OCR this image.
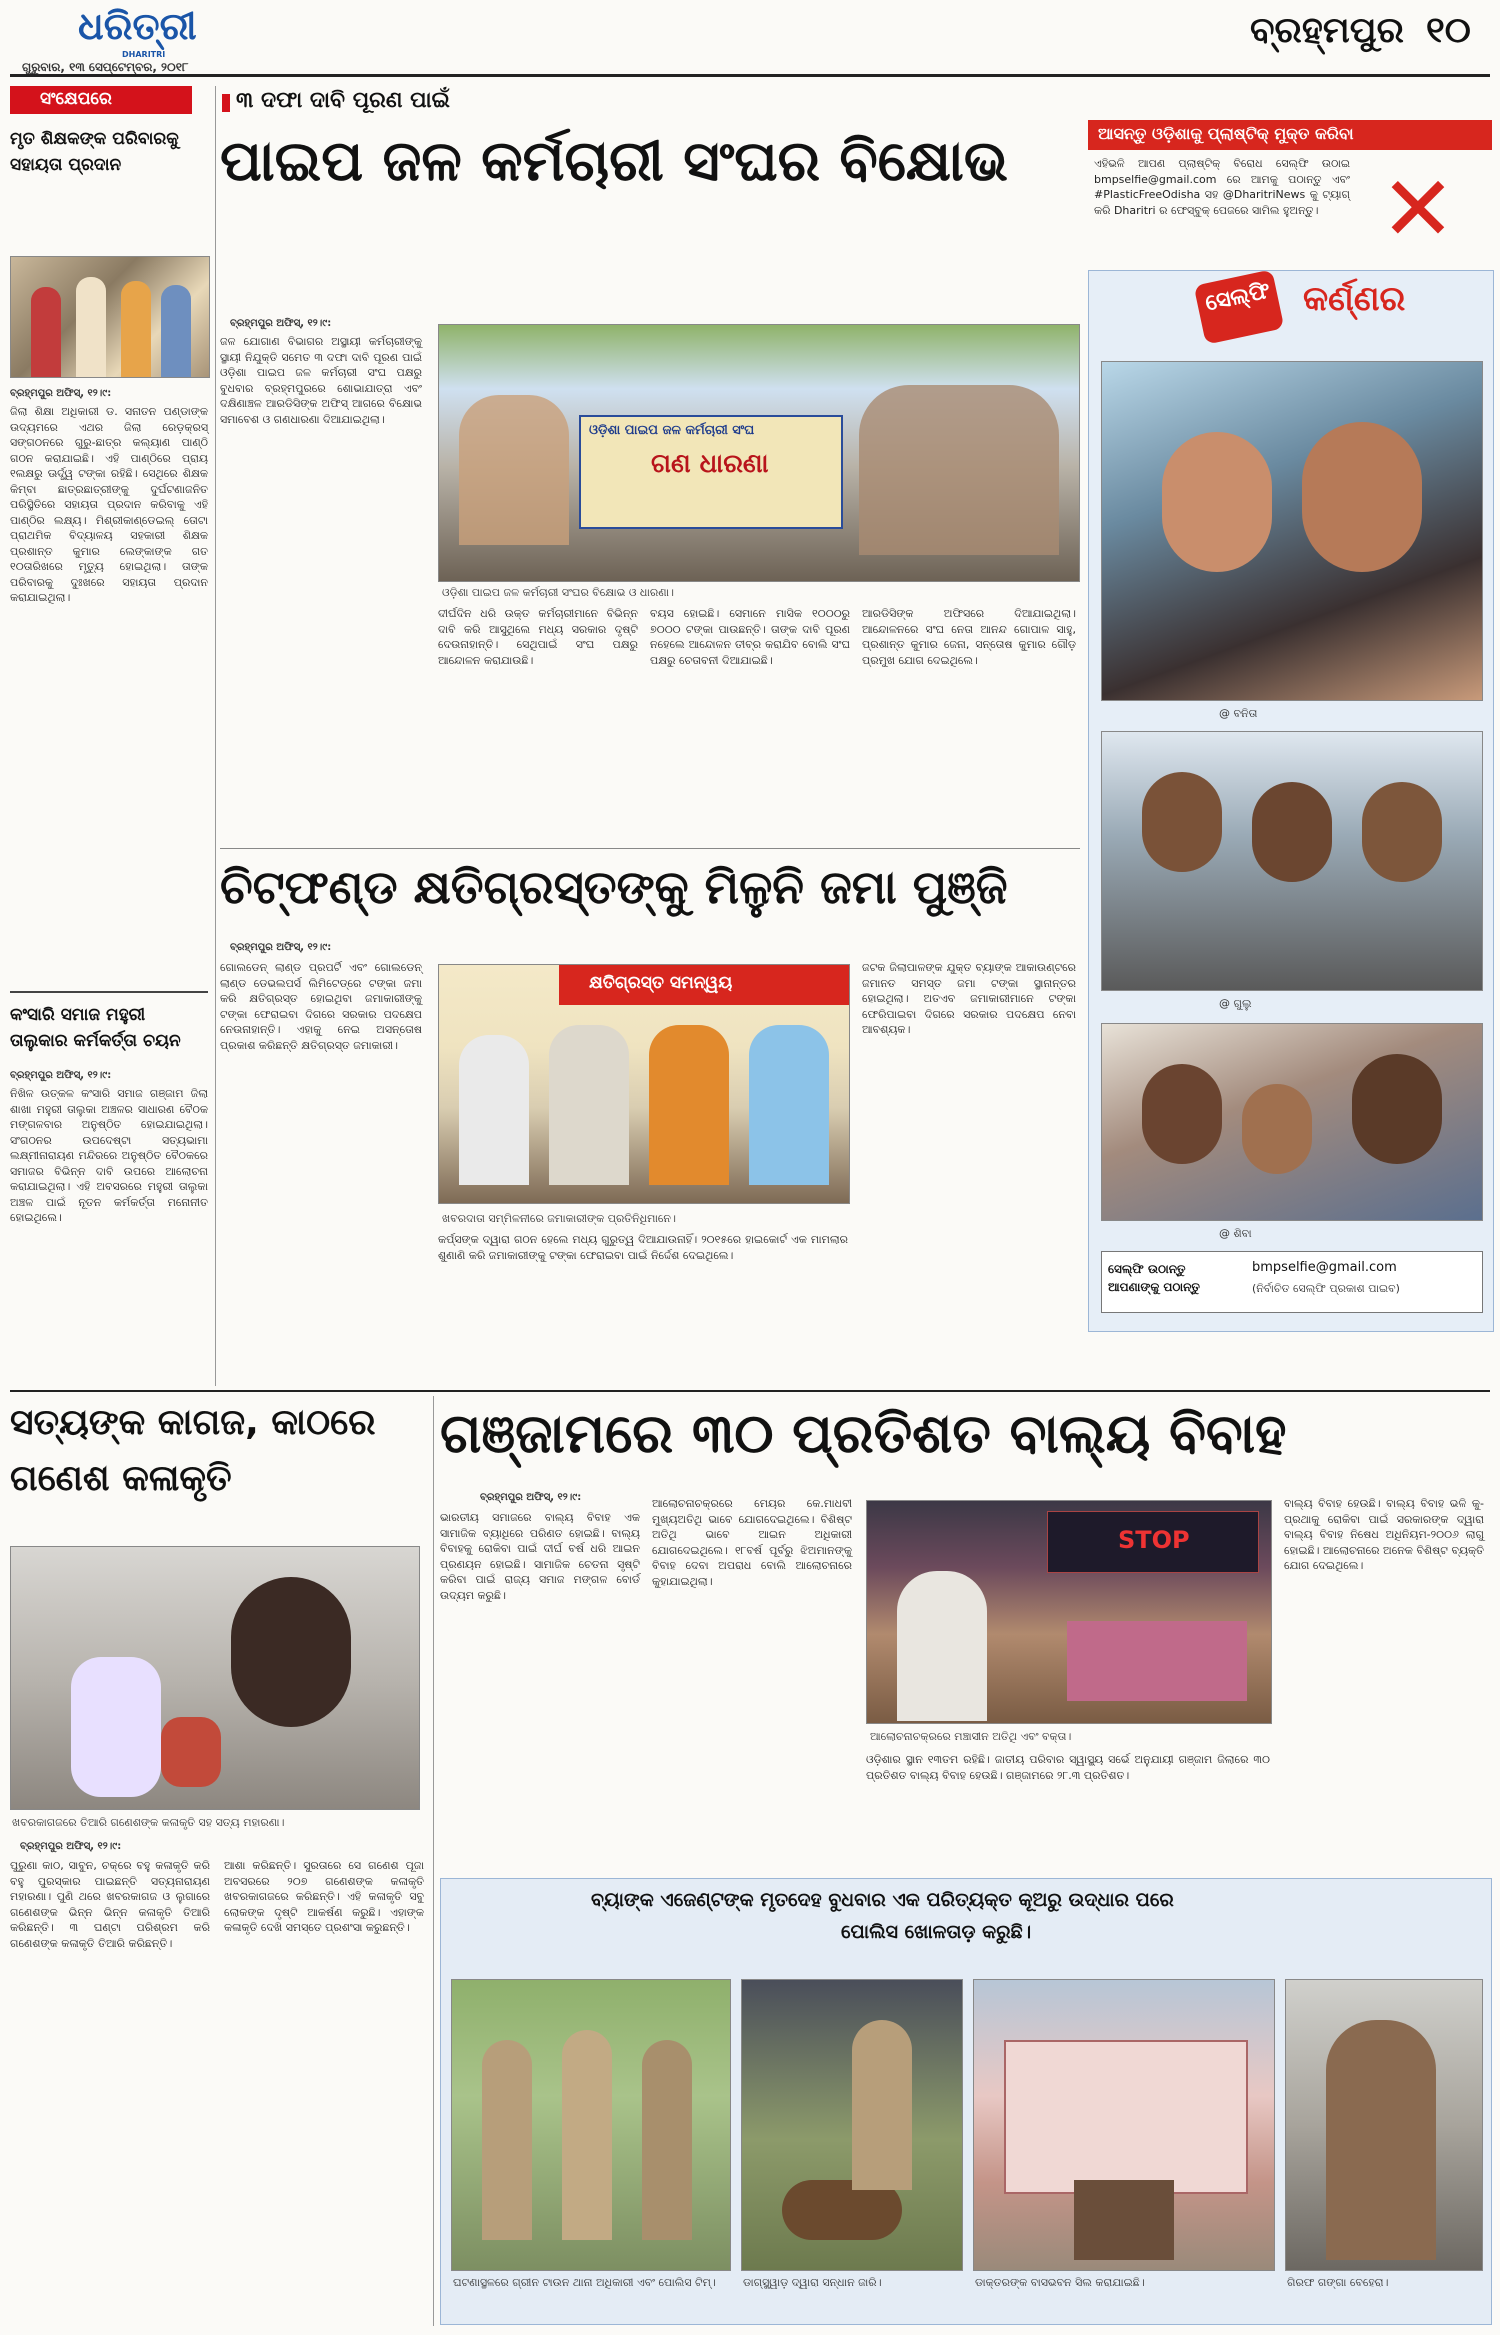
ଧରିତ୍ରୀ
DHARITRI
ଗୁରୁବାର, ୧୩ ସେପ୍ଟେମ୍ବର, ୨୦୧୮
ବ୍ରହ୍ମପୁର ୧୦
ସଂକ୍ଷେପରେ
ମୃତ ଶିକ୍ଷକଙ୍କ ପରିବାରକୁ ସହାୟତା ପ୍ରଦାନ
ବ୍ରହ୍ମପୁର ଅଫିସ୍, ୧୨।୯:
ଜିଲା ଶିକ୍ଷା ଅଧିକାରୀ ଡ. ସନାତନ ପଣ୍ଡାଙ୍କ ଉଦ୍ୟମରେ ଏଥର ଜିଲା ରେଡ଼କ୍ରସ୍ ସଙ୍ଗଠନରେ ଗୁରୁ-ଛାତ୍ର କଲ୍ୟାଣ ପାଣ୍ଠି ଗଠନ କରାଯାଇଛି। ଏହି ପାଣ୍ଠିରେ ପ୍ରାୟ ୧ଲକ୍ଷରୁ ଊର୍ଦ୍ଧ୍ୱ ଟଙ୍କା ରହିଛି। ସେଥିରେ ଶିକ୍ଷକ କିମ୍ବା ଛାତ୍ରଛାତ୍ରୀଙ୍କୁ ଦୁର୍ଘଟଣାଜନିତ ପରିସ୍ଥିତିରେ ସହାୟତା ପ୍ରଦାନ କରିବାକୁ ଏହି ପାଣ୍ଠିର ଲକ୍ଷ୍ୟ। ମିଶ୍ରୀକାଣ୍ଡେଇଲ୍ ତୋଟା ପ୍ରାଥମିକ ବିଦ୍ୟାଳୟ ସହକାରୀ ଶିକ୍ଷକ ପ୍ରଶାନ୍ତ କୁମାର ଲେଙ୍କାଙ୍କ ଗତ ୧୦ତାରିଖରେ ମୃତ୍ୟୁ ହୋଇଥିଲା। ତାଙ୍କ ପରିବାରକୁ ଦୁଃଖରେ ସହାୟତା ପ୍ରଦାନ କରାଯାଇଥିଲା।
କଂସାରି ସମାଜ ମହୁରୀ ତାଲୁକାର କର୍ମକର୍ତ୍ତା ଚୟନ
ବ୍ରହ୍ମପୁର ଅଫିସ୍, ୧୨।୯:
ନିଖିଳ ଉତ୍କଳ କଂସାରି ସମାଜ ଗଞ୍ଜାମ ଜିଲା ଶାଖା ମହୁରୀ ତାଲୁକା ଅଞ୍ଚଳର ସାଧାରଣ ବୈଠକ ମଙ୍ଗଳବାର ଅନୁଷ୍ଠିତ ହୋଇଯାଇଥିଲା। ସଂଗଠନର ଉପଦେଷ୍ଟା ସତ୍ୟଭାମା ଲକ୍ଷ୍ମୀନାରାୟଣ ମନ୍ଦିରରେ ଅନୁଷ୍ଠିତ ବୈଠକରେ ସମାଜର ବିଭିନ୍ନ ଦାବି ଉପରେ ଆଲୋଚନା କରାଯାଇଥିଲା। ଏହି ଅବସରରେ ମହୁରୀ ତାଲୁକା ଅଞ୍ଚଳ ପାଇଁ ନୂତନ କର୍ମକର୍ତ୍ତା ମନୋନୀତ ହୋଇଥିଲେ।
୩ ଦଫା ଦାବି ପୂରଣ ପାଇଁ
ପାଇପ ଜଳ କର୍ମଚାରୀ ସଂଘର ବିକ୍ଷୋଭ
ବ୍ରହ୍ମପୁର ଅଫିସ୍, ୧୨।୯:
ଜଳ ଯୋଗାଣ ବିଭାଗର ଅସ୍ଥାୟୀ କର୍ମଚାରୀଙ୍କୁ ସ୍ଥାୟୀ ନିଯୁକ୍ତି ସମେତ ୩ ଦଫା ଦାବି ପୂରଣ ପାଇଁ ଓଡ଼ିଶା ପାଇପ ଜଳ କର୍ମଚାରୀ ସଂଘ ପକ୍ଷରୁ ବୁଧବାର ବ୍ରହ୍ମପୁରରେ ଶୋଭାଯାତ୍ରା ଏବଂ ଦକ୍ଷିଣାଞ୍ଚଳ ଆରଡିସିଙ୍କ ଅଫିସ୍ ଆଗରେ ବିକ୍ଷୋଭ ସମାବେଶ ଓ ଗଣଧାରଣା ଦିଆଯାଇଥିଲା।
ଓଡ଼ିଶା ପାଇପ ଜଳ କର୍ମଚାରୀ ସଂଘ
ଗଣ ଧାରଣା
ଓଡ଼ିଶା ପାଇପ ଜଳ କର୍ମଚାରୀ ସଂଘର ବିକ୍ଷୋଭ ଓ ଧାରଣା।
ଦୀର୍ଘଦିନ ଧରି ଉକ୍ତ କର୍ମଚାରୀମାନେ ବିଭିନ୍ନ ଦାବି କରି ଆସୁଥିଲେ ମଧ୍ୟ ସରକାର ଦୃଷ୍ଟି ଦେଉନାହାନ୍ତି। ସେଥିପାଇଁ ସଂଘ ପକ୍ଷରୁ ଆନ୍ଦୋଳନ କରାଯାଉଛି।
ବୟସ ହୋଇଛି। ସେମାନେ ମାସିକ ୧୦୦୦ରୁ ୭୦୦୦ ଟଙ୍କା ପାଉଛନ୍ତି। ତାଙ୍କ ଦାବି ପୂରଣ ନହେଲେ ଆନ୍ଦୋଳନ ତୀବ୍ର କରାଯିବ ବୋଲି ସଂଘ ପକ୍ଷରୁ ଚେତାବନୀ ଦିଆଯାଇଛି।
ଆରଡିସିଙ୍କ ଅଫିସରେ ଦିଆଯାଇଥିଲା। ଆନ୍ଦୋଳନରେ ସଂଘ ନେତା ଆନନ୍ଦ ଗୋପାଳ ସାହୁ, ପ୍ରଶାନ୍ତ କୁମାର ଜେନା, ସନ୍ତୋଷ କୁମାର ଗୌଡ଼ ପ୍ରମୁଖ ଯୋଗ ଦେଇଥିଲେ।
ଚିଟ୍‌ଫଣ୍ଡ କ୍ଷତିଗ୍ରସ୍ତଙ୍କୁ ମିଳୁନି ଜମା ପୁଞ୍ଜି
ବ୍ରହ୍ମପୁର ଅଫିସ୍, ୧୨।୯:
ଗୋଲଡେନ୍ ଲାଣ୍ଡ ପ୍ରପର୍ଟି ଏବଂ ଗୋଲଡେନ୍ ଲାଣ୍ଡ ଡେଭଲପର୍ସ ଲିମିଟେଡ୍‌ରେ ଟଙ୍କା ଜମା କରି କ୍ଷତିଗ୍ରସ୍ତ ହୋଇଥିବା ଜମାକାରୀଙ୍କୁ ଟଙ୍କା ଫେରାଇବା ଦିଗରେ ସରକାର ପଦକ୍ଷେପ ନେଉନାହାନ୍ତି। ଏହାକୁ ନେଇ ଅସନ୍ତୋଷ ପ୍ରକାଶ କରିଛନ୍ତି କ୍ଷତିଗ୍ରସ୍ତ ଜମାକାରୀ।
କ୍ଷତିଗ୍ରସ୍ତ ସମନ୍ୱୟ
ଖବରଦାତା ସମ୍ମିଳନୀରେ ଜମାକାରୀଙ୍କ ପ୍ରତିନିଧିମାନେ।
କର୍ପ୍ସଙ୍କ ଦ୍ୱାରା ଗଠନ ହେଲେ ମଧ୍ୟ ଗୁରୁତ୍ୱ ଦିଆଯାଉନାହିଁ। ୨୦୧୫ରେ ହାଇକୋର୍ଟ ଏକ ମାମଲାର ଶୁଣାଣି କରି ଜମାକାରୀଙ୍କୁ ଟଙ୍କା ଫେରାଇବା ପାଇଁ ନିର୍ଦ୍ଦେଶ ଦେଇଥିଲେ।
ଜଟକ ଜିଲାପାଳଙ୍କ ଯୁକ୍ତ ବ୍ୟାଙ୍କ ଆକାଉଣ୍ଟରେ ଜମାନତ ସମସ୍ତ ଜମା ଟଙ୍କା ସ୍ଥାନାନ୍ତର ହୋଇଥିଲା। ଅତଏବ ଜମାକାରୀମାନେ ଟଙ୍କା ଫେରିପାଇବା ଦିଗରେ ସରକାର ପଦକ୍ଷେପ ନେବା ଆବଶ୍ୟକ।
ଆସନ୍ତୁ ଓଡ଼ିଶାକୁ ପ୍ଲାଷ୍ଟିକ୍ ମୁକ୍ତ କରିବା
ଏହିଭଳି ଆପଣ ପ୍ଲାଷ୍ଟିକ୍ ବିରୋଧ ସେଲ୍‌ଫି ଉଠାଇ bmpselfie@gmail.com ରେ ଆମକୁ ପଠାନ୍ତୁ ଏବଂ #PlasticFreeOdisha ସହ @DharitriNews କୁ ଟ୍ୟାଗ୍ କରି Dharitri ର ଫେସ୍‌ବୁକ୍ ପେଜରେ ସାମିଲ ହୁଅନ୍ତୁ। ✕
ସେଲ୍ଫି କର୍ଣ୍ଣର
@ ବନିତା
@ ଗୁଲୁ
@ ଶିବା
ସେଲ୍ଫି ଉଠାନ୍ତୁ ଆପଣାଙ୍କୁ ପଠାନ୍ତୁ
bmpselfie@gmail.com
(ନିର୍ବାଚିତ ସେଲ୍ଫି ପ୍ରକାଶ ପାଇବ)
ସତ୍ୟଙ୍କ କାଗଜ, କାଠରେ
ଗଣେଶ କଳାକୃତି
ଖବରକାଗଜରେ ତିଆରି ଗଣେଶଙ୍କ କଳାକୃତି ସହ ସତ୍ୟ ମହାରଣା।
ବ୍ରହ୍ମପୁର ଅଫିସ୍, ୧୨।୯:
ପୁରୁଣା କାଠ, ସାବୁନ, ଚକ୍‌ରେ ବହୁ କଳାକୃତି କରି ବହୁ ପୁରସ୍କାର ପାଇଛନ୍ତି ସତ୍ୟନାରାୟଣ ମହାରଣା। ପୁଣି ଥରେ ଖବରକାଗଜ ଓ ଲୁଗାରେ ଗଣେଶଙ୍କ ଭିନ୍ନ ଭିନ୍ନ କଳାକୃତି ତିଆରି କରିଛନ୍ତି। ୩ ଘଣ୍ଟା ପରିଶ୍ରମ କରି ଗଣେଶଙ୍କ କଳାକୃତି ତିଆରି କରିଛନ୍ତି।
ଆଶା କରିଛନ୍ତି। ସୁରତାରେ ସେ ଗଣେଶ ପୂଜା ଅବସରରେ ୨୦୭ ଗଣେଶଙ୍କ କଳାକୃତି ଖବରକାଗଜରେ କରିଛନ୍ତି। ଏହି କଳାକୃତି ସବୁ ଲୋକଙ୍କ ଦୃଷ୍ଟି ଆକର୍ଷଣ କରୁଛି। ଏହାଙ୍କ କଳାକୃତି ଦେଖି ସମସ୍ତେ ପ୍ରଶଂସା କରୁଛନ୍ତି।
ଗଞ୍ଜାମରେ ୩୦ ପ୍ରତିଶତ ବାଲ୍ୟ ବିବାହ
ବ୍ରହ୍ମପୁର ଅଫିସ୍, ୧୨।୯:
ଭାରତୀୟ ସମାଜରେ ବାଲ୍ୟ ବିବାହ ଏକ ସାମାଜିକ ବ୍ୟାଧିରେ ପରିଣତ ହୋଇଛି। ବାଲ୍ୟ ବିବାହକୁ ରୋକିବା ପାଇଁ ଦୀର୍ଘ ବର୍ଷ ଧରି ଆଇନ ପ୍ରଣୟନ ହୋଇଛି। ସାମାଜିକ ଚେତନା ସୃଷ୍ଟି କରିବା ପାଇଁ ରାଜ୍ୟ ସମାଜ ମଙ୍ଗଳ ବୋର୍ଡ ଉଦ୍ୟମ କରୁଛି।
ଆଲୋଚନାଚକ୍ରରେ ମେୟର କେ.ମାଧବୀ ମୁଖ୍ୟଅତିଥି ଭାବେ ଯୋଗଦେଇଥିଲେ। ବିଶିଷ୍ଟ ଅତିଥି ଭାବେ ଆଇନ ଅଧିକାରୀ ଯୋଗଦେଇଥିଲେ। ୧୮ବର୍ଷ ପୂର୍ବରୁ ଝିଅମାନଙ୍କୁ ବିବାହ ଦେବା ଅପରାଧ ବୋଲି ଆଲୋଚନାରେ କୁହାଯାଇଥିଲା।
STOP
ଆଲୋଚନାଚକ୍ରରେ ମଞ୍ଚାସୀନ ଅତିଥି ଏବଂ ବକ୍ତା।
ଓଡ଼ିଶାର ସ୍ଥାନ ୧୩ତମ ରହିଛି। ଜାତୀୟ ପରିବାର ସ୍ୱାସ୍ଥ୍ୟ ସର୍ଭେ ଅନୁଯାୟୀ ଗଞ୍ଜାମ ଜିଲାରେ ୩୦ ପ୍ରତିଶତ ବାଲ୍ୟ ବିବାହ ହେଉଛି। ଗଞ୍ଜାମରେ ୨୮.୩ ପ୍ରତିଶତ।
ବାଲ୍ୟ ବିବାହ ହେଉଛି। ବାଲ୍ୟ ବିବାହ ଭଳି କୁ-ପ୍ରଥାକୁ ରୋକିବା ପାଇଁ ସରକାରଙ୍କ ଦ୍ୱାରା ବାଲ୍ୟ ବିବାହ ନିଷେଧ ଅଧିନିୟମ-୨୦୦୬ ଲାଗୁ ହୋଇଛି। ଆଲୋଚନାରେ ଅନେକ ବିଶିଷ୍ଟ ବ୍ୟକ୍ତି ଯୋଗ ଦେଇଥିଲେ।
ବ୍ୟାଙ୍କ ଏଜେଣ୍ଟଙ୍କ ମୃତଦେହ ବୁଧବାର ଏକ ପରିତ୍ୟକ୍ତ କୂଅରୁ ଉଦ୍ଧାର ପରେ
ପୋଲିସ ଖୋଳତାଡ଼ କରୁଛି।
ଘଟଣାସ୍ଥଳରେ ଗ୍ରୀନ ଟାଉନ ଥାନା ଅଧିକାରୀ ଏବଂ ପୋଲିସ ଟିମ୍।	ଡାଗ୍‌ସ୍କ୍ୱାଡ଼ ଦ୍ୱାରା ସନ୍ଧାନ ଜାରି।	ଡାକ୍ତରଙ୍କ ବାସଭବନ ସିଲ କରାଯାଇଛି।	ଗିରଫ ଗଙ୍ଗା ବେହେରା।
